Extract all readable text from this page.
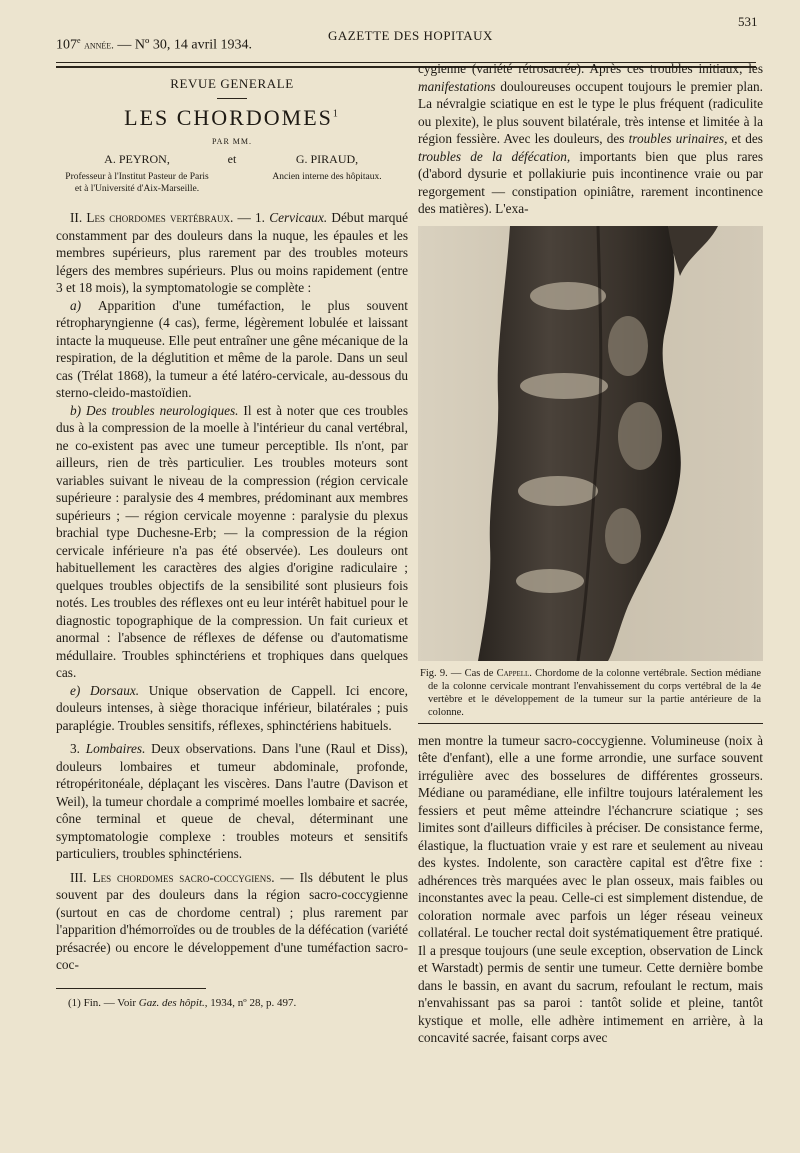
107e année. — Nº 30, 14 avril 1934.
GAZETTE DES HOPITAUX
531
REVUE GENERALE
LES CHORDOMES$^1$
PAR MM.
A. PEYRON,
Professeur à l'Institut Pasteur de Paris et à l'Université d'Aix-Marseille.
et	G. PIRAUD,
Ancien interne des hôpitaux.

II. Les chordomes vertébraux. — 1. Cervicaux. Début marqué constamment par des douleurs dans la nuque, les épaules et les membres supérieurs, plus rarement par des troubles moteurs légers des membres supérieurs. Plus ou moins rapidement (entre 3 et 18 mois), la symptomatologie se complète :

a) Apparition d'une tuméfaction, le plus souvent rétropharyngienne (4 cas), ferme, légèrement lobulée et laissant intacte la muqueuse. Elle peut entraîner une gêne mécanique de la respiration, de la déglutition et même de la parole. Dans un seul cas (Trélat 1868), la tumeur a été latéro-cervicale, au-dessous du sterno-cleido-mastoïdien.

b) Des troubles neurologiques. Il est à noter que ces troubles dus à la compression de la moelle à l'intérieur du canal vertébral, ne co-existent pas avec une tumeur perceptible. Ils n'ont, par ailleurs, rien de très particulier. Les troubles moteurs sont variables suivant le niveau de la compression (région cervicale supérieure : paralysie des 4 membres, prédominant aux membres supérieurs ; — région cervicale moyenne : paralysie du plexus brachial type Duchesne-Erb; — la compression de la région cervicale inférieure n'a pas été observée). Les douleurs ont habituellement les caractères des algies d'origine radiculaire ; quelques troubles objectifs de la sensibilité sont plusieurs fois notés. Les troubles des réflexes ont eu leur intérêt habituel pour le diagnostic topographique de la compression. Un fait curieux et anormal : l'absence de réflexes de défense ou d'automatisme médullaire. Troubles sphinctériens et trophiques dans quelques cas.

e) Dorsaux. Unique observation de Cappell. Ici encore, douleurs intenses, à siège thoracique inférieur, bilatérales ; puis paraplégie. Troubles sensitifs, réflexes, sphinctériens habituels.

3. Lombaires. Deux observations. Dans l'une (Raul et Diss), douleurs lombaires et tumeur abdominale, profonde, rétropéritonéale, déplaçant les viscères. Dans l'autre (Davison et Weil), la tumeur chordale a comprimé moelles lombaire et sacrée, cône terminal et queue de cheval, déterminant une symptomatologie complexe : troubles moteurs et sensitifs particuliers, troubles sphinctériens.

III. Les chordomes sacro-coccygiens. — Ils débutent le plus souvent par des douleurs dans la région sacro-coccygienne (surtout en cas de chordome central) ; plus rarement par l'apparition d'hémorroïdes ou de troubles de la défécation (variété présacrée) ou encore le développement d'une tuméfaction sacro-coc-

(1) Fin. — Voir Gaz. des hôpit., 1934, nº 28, p. 497.

cygienne (variété rétrosacrée). Après ces troubles initiaux, les manifestations douloureuses occupent toujours le premier plan. La névralgie sciatique en est le type le plus fréquent (radiculite ou plexite), le plus souvent bilatérale, très intense et limitée à la région fessière. Avec les douleurs, des troubles urinaires, et des troubles de la défécation, importants bien que plus rares (d'abord dysurie et pollakiurie puis incontinence vraie ou par regorgement — constipation opiniâtre, rarement incontinence des matières). L'exa-

Fig. 9. — Cas de Cappell. Chordome de la colonne vertébrale. Section médiane de la colonne cervicale montrant l'envahissement du corps vertébral de la 4e vertèbre et le développement de la tumeur sur la partie antérieure de la colonne.

men montre la tumeur sacro-coccygienne. Volumineuse (noix à tête d'enfant), elle a une forme arrondie, une surface souvent irrégulière avec des bosselures de différentes grosseurs. Médiane ou paramédiane, elle infiltre toujours latéralement les fessiers et peut même atteindre l'échancrure sciatique ; ses limites sont d'ailleurs difficiles à préciser. De consistance ferme, élastique, la fluctuation vraie y est rare et seulement au niveau des kystes. Indolente, son caractère capital est d'être fixe : adhérences très marquées avec le plan osseux, mais faibles ou inconstantes avec la peau. Celle-ci est simplement distendue, de coloration normale avec parfois un léger réseau veineux collatéral. Le toucher rectal doit systématiquement être pratiqué. Il a presque toujours (une seule exception, observation de Linck et Warstadt) permis de sentir une tumeur. Cette dernière bombe dans le bassin, en avant du sacrum, refoulant le rectum, mais n'envahissant pas sa paroi : tantôt solide et pleine, tantôt kystique et molle, elle adhère intimement en arrière, à la concavité sacrée, faisant corps avec
